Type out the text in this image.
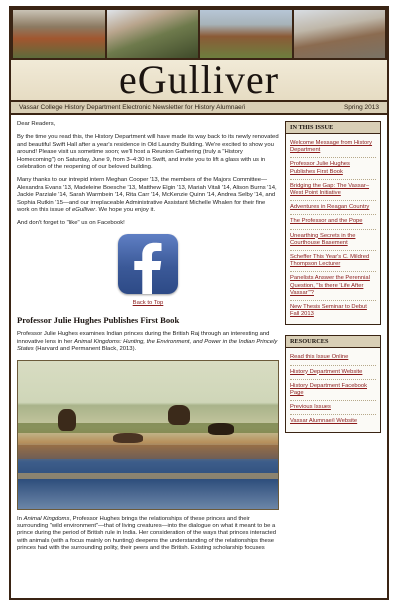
eGulliver
Vassar College History Department Electronic Newsletter for History Alumnae/i	Spring 2013

Dear Readers,

By the time you read this, the History Department will have made its way back to its newly renovated and beautiful Swift Hall after a year's residence in Old Laundry Building. We're excited to show you around! Please visit us sometime soon; we'll host a Reunion Gathering (truly a "History Homecoming") on Saturday, June 9, from 3–4:30 in Swift, and invite you to lift a glass with us in celebration of the reopening of our beloved building.

Many thanks to our intrepid intern Meghan Cooper '13, the members of the Majors Committee—Alexandra Evans '13, Madeleine Boesche '13, Matthew Elgin '13, Mariah Vitali '14, Alison Burns '14, Jackie Parziale '14, Sarah Warmbein '14, Rita Carr '14, McKenzie Quinn '14, Andrea Selby '14, and Sophia Rutkin '15—and our irreplaceable Administrative Assistant Michelle Whalen for their fine work on this issue of eGulliver. We hope you enjoy it.

And don't forget to "like" us on Facebook!

Back to Top
Professor Julie Hughes Publishes First Book

Professor Julie Hughes examines Indian princes during the British Raj through an interesting and innovative lens in her Animal Kingdoms: Hunting, the Environment, and Power in the Indian Princely States (Harvard and Permanent Black, 2013).

In Animal Kingdoms, Professor Hughes brings the relationships of these princes and their surrounding "wild environment"—that of living creatures—into the dialogue on what it meant to be a prince during the period of British rule in India. Her consideration of the ways that princes interacted with animals (with a focus mainly on hunting) deepens the understanding of the relationships these princes had with the surrounding polity, their peers and the British. Existing scholarship focuses

IN THIS ISSUE
Welcome Message from History Department
Professor Julie Hughes Publishes First Book
Bridging the Gap: The Vassar–West Point Initiative
Adventures in Reagan Country
The Professor and the Pope
Unearthing Secrets in the Courthouse Basement
Scheffer This Year's C. Mildred Thompson Lecturer
Panelists Answer the Perennial Question, "Is there 'Life After Vassar'"?
New Thesis Seminar to Debut Fall 2013
RESOURCES
Read this Issue Online
History Department Website
History Department Facebook Page
Previous Issues
Vassar Alumnae/i Website
